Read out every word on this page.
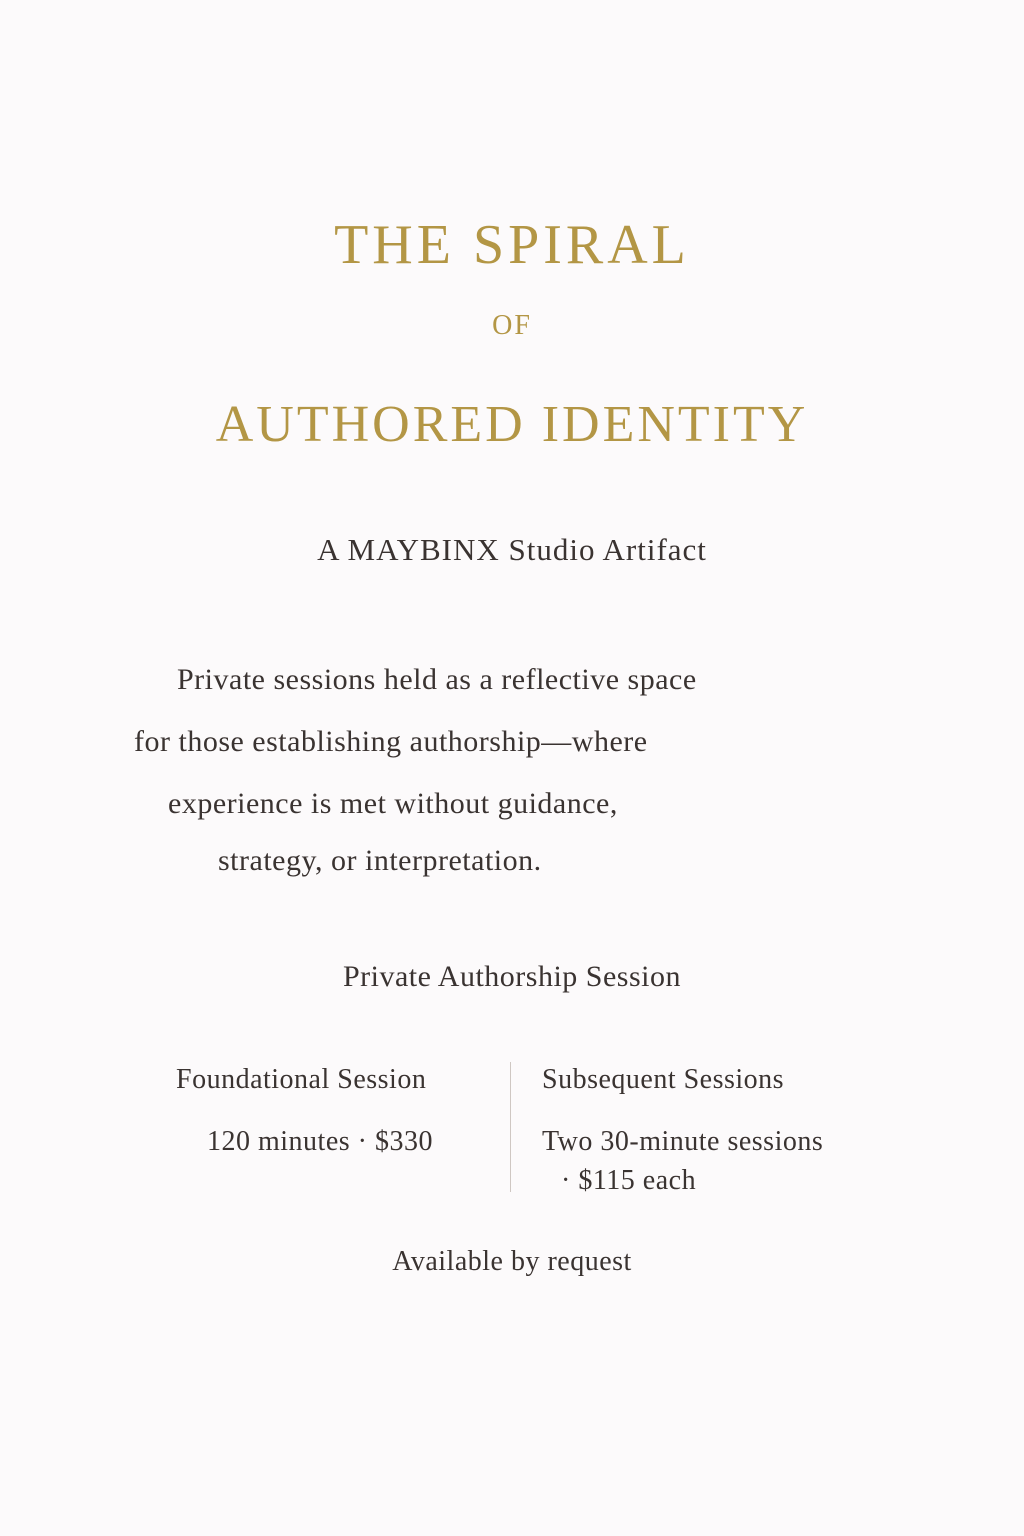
THE SPIRAL
OF
AUTHORED IDENTITY
A MAYBINX Studio Artifact
Private sessions held as a reflective space
for those establishing authorship—where
experience is met without guidance,
strategy, or interpretation.
Private Authorship Session
Foundational Session
120 minutes · $330
Subsequent Sessions
Two 30-minute sessions
· $115 each
Available by request
